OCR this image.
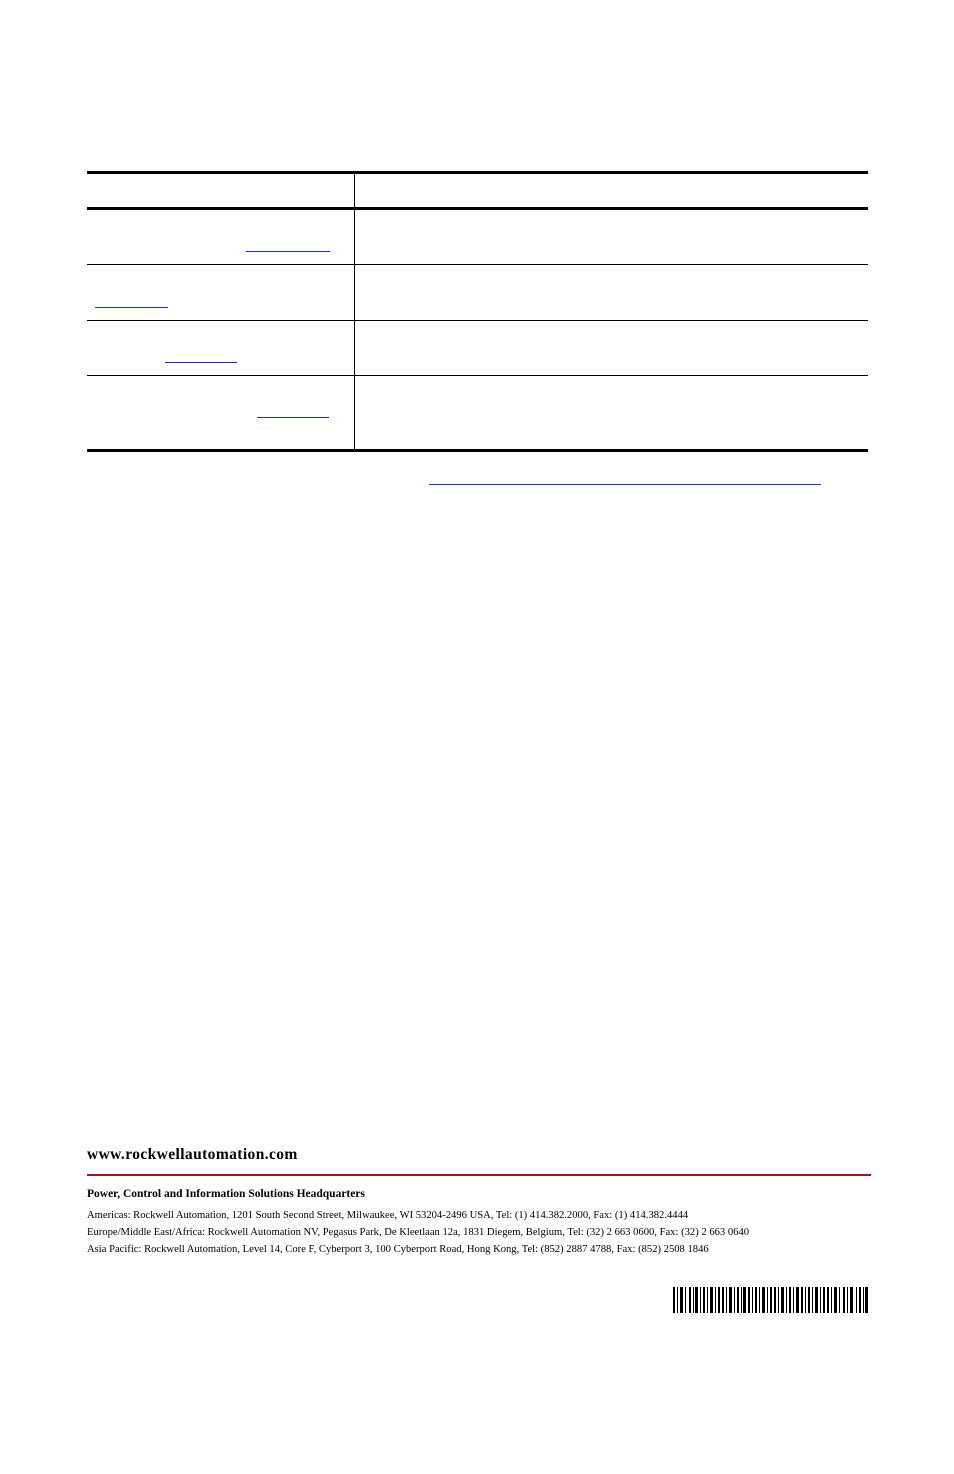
www.rockwellautomation.com

Power, Control and Information Solutions Headquarters

Americas: Rockwell Automation, 1201 South Second Street, Milwaukee, WI 53204-2496 USA, Tel: (1) 414.382.2000, Fax: (1) 414.382.4444

Europe/Middle East/Africa: Rockwell Automation NV, Pegasus Park, De Kleetlaan 12a, 1831 Diegem, Belgium, Tel: (32) 2 663 0600, Fax: (32) 2 663 0640

Asia Pacific: Rockwell Automation, Level 14, Core F, Cyberport 3, 100 Cyberport Road, Hong Kong, Tel: (852) 2887 4788, Fax: (852) 2508 1846
